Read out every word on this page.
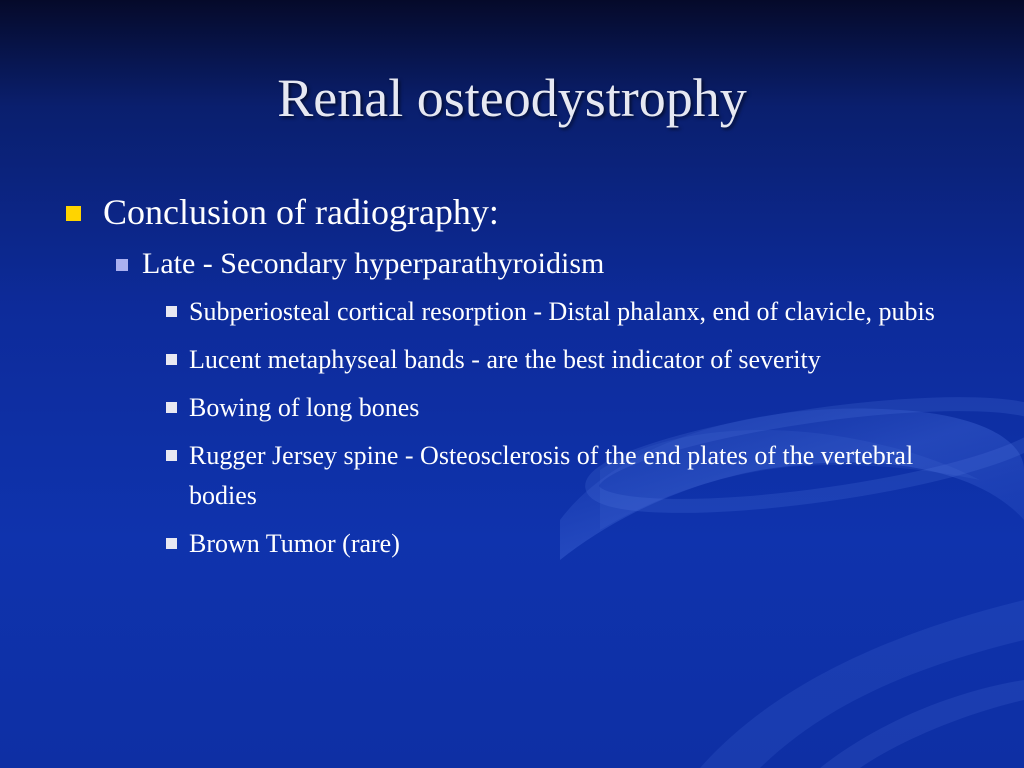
Renal osteodystrophy
Conclusion of radiography:
Late - Secondary hyperparathyroidism
Subperiosteal cortical resorption - Distal phalanx, end of clavicle, pubis
Lucent metaphyseal bands - are the best indicator of severity
Bowing of long bones
Rugger Jersey spine - Osteosclerosis of the end plates of the vertebral bodies
Brown Tumor (rare)
